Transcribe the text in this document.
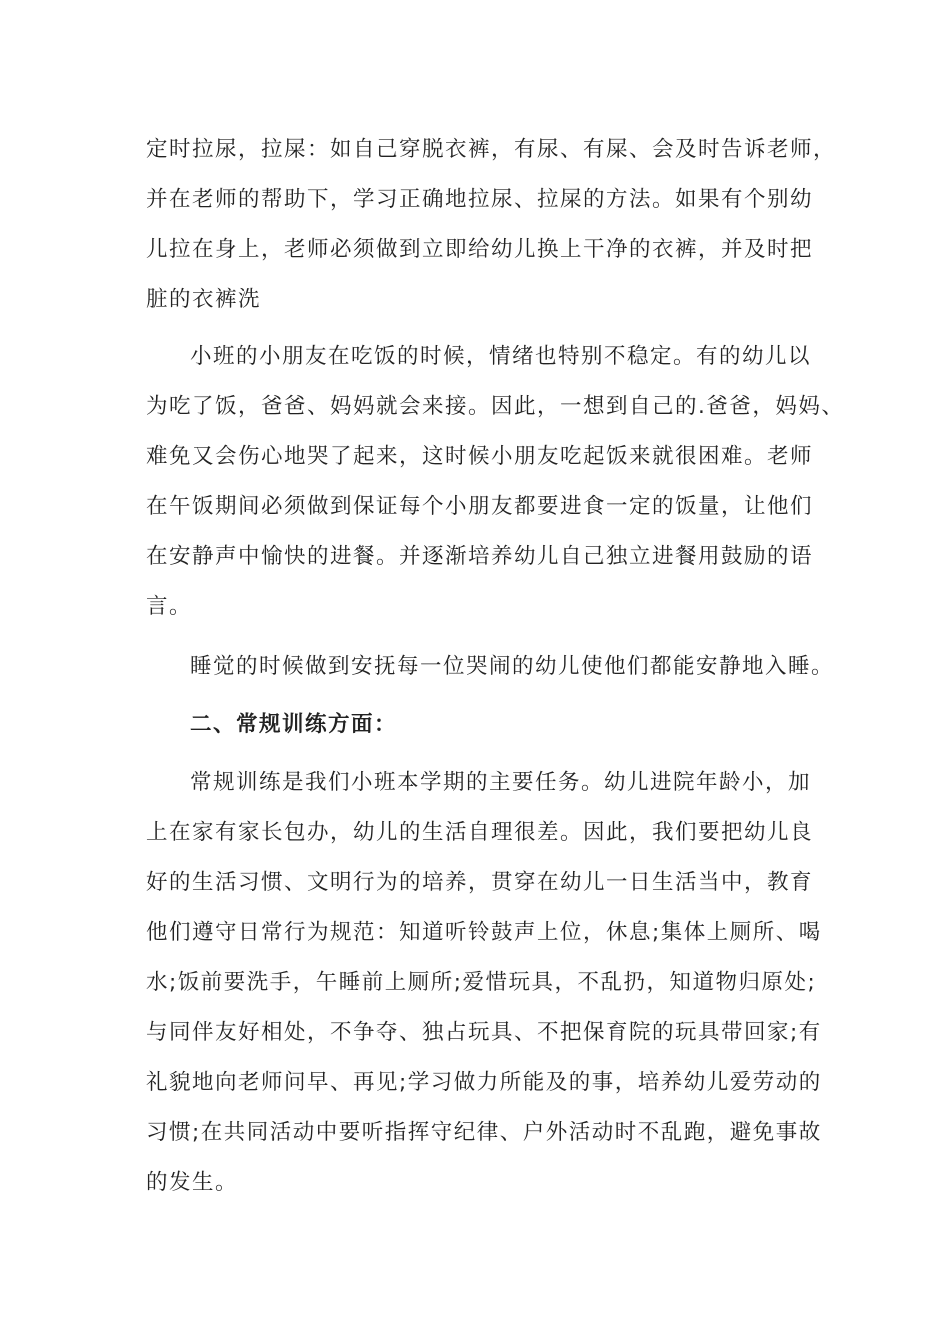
定时拉尿，拉屎：如自己穿脱衣裤，有尿、有屎、会及时告诉老师，
并在老师的帮助下，学习正确地拉尿、拉屎的方法。如果有个别幼
儿拉在身上，老师必须做到立即给幼儿换上干净的衣裤，并及时把
脏的衣裤洗
小班的小朋友在吃饭的时候，情绪也特别不稳定。有的幼儿以
为吃了饭，爸爸、妈妈就会来接。因此，一想到自己的.爸爸，妈妈、
难免又会伤心地哭了起来，这时候小朋友吃起饭来就很困难。老师
在午饭期间必须做到保证每个小朋友都要进食一定的饭量，让他们
在安静声中愉快的进餐。并逐渐培养幼儿自己独立进餐用鼓励的语
言。
睡觉的时候做到安抚每一位哭闹的幼儿使他们都能安静地入睡。
二、常规训练方面：
常规训练是我们小班本学期的主要任务。幼儿进院年龄小，加
上在家有家长包办，幼儿的生活自理很差。因此，我们要把幼儿良
好的生活习惯、文明行为的培养，贯穿在幼儿一日生活当中，教育
他们遵守日常行为规范：知道听铃鼓声上位，休息;集体上厕所、喝
水;饭前要洗手，午睡前上厕所;爱惜玩具，不乱扔，知道物归原处;
与同伴友好相处，不争夺、独占玩具、不把保育院的玩具带回家;有
礼貌地向老师问早、再见;学习做力所能及的事，培养幼儿爱劳动的
习惯;在共同活动中要听指挥守纪律、户外活动时不乱跑，避免事故
的发生。
